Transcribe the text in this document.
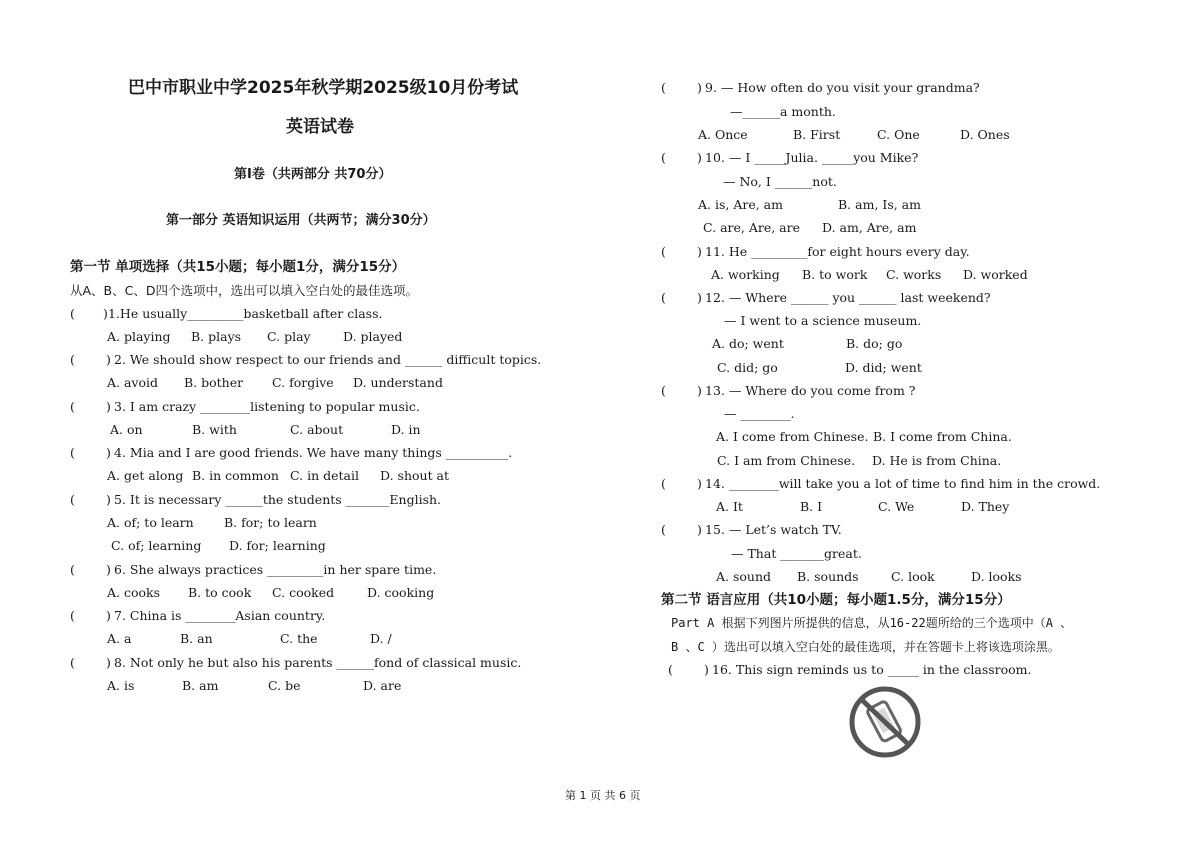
巴中市职业中学2025年秋学期2025级10月份考试
英语试卷
第I卷（共两部分 共70分）
第一部分 英语知识运用（共两节；满分30分）
第一节 单项选择（共15小题；每小题1分，满分15分）
从A、B、C、D四个选项中，选出可以填入空白处的最佳选项。
( ) 1.He usually_________basketball after class.
A. playing B. plays C. play	D. played
( ) 2. We should show respect to our friends and ______ difficult topics.
A. avoid B. bother C. forgive D. understand
( ) 3. I am crazy ________listening to popular music.
A. on	B. with	C. about	D. in
( ) 4. Mia and I are good friends. We have many things __________.
A. get along B. in common C. in detail D. shout at
( ) 5. It is necessary ______the students _______English.
A. of; to learn B. for; to learn
C. of; learning D. for; learning
( ) 6. She always practices _________in her spare time.
A. cooks B. to cook C. cooked	D. cooking
( ) 7. China is ________Asian country.
A. a	B. an	C. the	D. /
( ) 8. Not only he but also his parents ______fond of classical music.
A. is	B. am	C. be	D. are
( ) 9. — How often do you visit your grandma?
—______a month.
A. Once	B. First	C. One	D. Ones
( ) 10. — I _____Julia. _____you Mike?
— No, I ______not.
A. is, Are, am	B. am, Is, am
C. are, Are, are D. am, Are, am
( ) 11. He _________for eight hours every day.
A. working B. to work C. works D. worked
( ) 12. — Where ______ you ______ last weekend?
— I went to a science museum.
A. do; went	B. do; go
C. did; go	D. did; went
( ) 13. — Where do you come from ?
— ________.
A. I come from Chinese. B. I come from China.
C. I am from Chinese. D. He is from China.
( ) 14. ________will take you a lot of time to find him in the crowd.
A. It	B. I	C. We	D. They
( ) 15. — Let’s watch TV.
— That _______great.
A. sound B. sounds	C. look	D. looks
第二节 语言应用（共10小题；每小题1.5分，满分15分）
Part A 根据下列图片所提供的信息，从16-22题所给的三个选项中（A 、
B 、C ）选出可以填入空白处的最佳选项，并在答题卡上将该选项涂黑。
( ) 16. This sign reminds us to _____ in the classroom.
第 1 页 共 6 页
